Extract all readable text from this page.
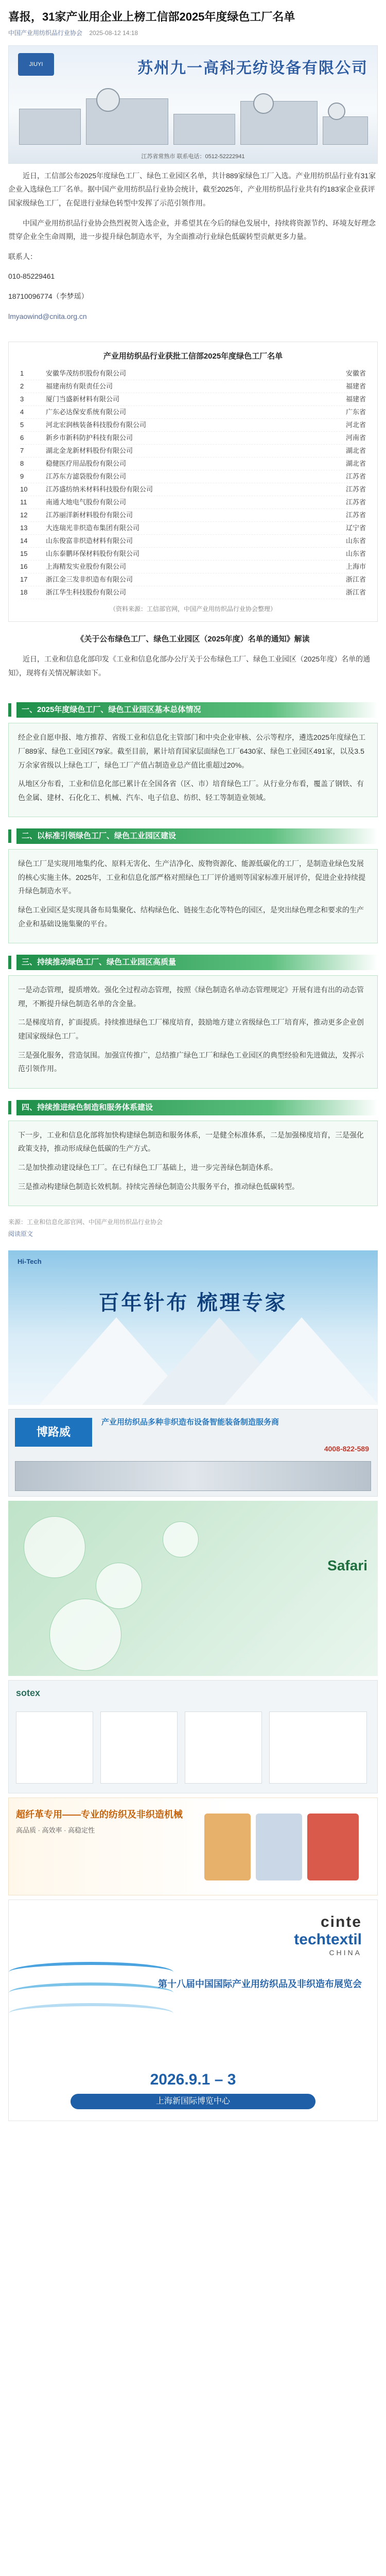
喜报，31家产业用企业上榜工信部2025年度绿色工厂名单
中国产业用纺织品行业协会 2025-08-12 14:18
JIUYI	苏州九一高科无纺设备有限公司
江苏省常熟市 联系电话：0512-52222941

近日，工信部公布2025年度绿色工厂、绿色工业园区名单，共计889家绿色工厂入选。产业用纺织品行业有31家企业入选绿色工厂名单。据中国产业用纺织品行业协会统计，截至2025年，产业用纺织品行业共有约183家企业获评国家级绿色工厂，在促进行业绿色转型中发挥了示范引领作用。

中国产业用纺织品行业协会热烈祝贺入选企业，并希望其在今后的绿色发展中，持续将资源节约、环境友好理念贯穿企业全生命周期，进一步提升绿色制造水平，为全面推动行业绿色低碳转型贡献更多力量。

联系人：

010-85229461

18710096774（李梦瑶）

lmyaowind@cnita.org.cn

产业用纺织品行业获批工信部2025年度绿色工厂名单
1	安徽华茂纺织股份有限公司	安徽省
2	福建南纺有限责任公司	福建省
3	厦门当盛新材料有限公司	福建省
4	广东必达保安系统有限公司	广东省
5	河北宏润核装备科技股份有限公司	河北省
6	新乡市新科防护科技有限公司	河南省
7	湖北金龙新材料股份有限公司	湖北省
8	稳健医疗用品股份有限公司	湖北省
9	江苏东方滤袋股份有限公司	江苏省
10	江苏盛纺纳米材料科技股份有限公司	江苏省
11	南通大地电气股份有限公司	江苏省
12	江苏丽洋新材料股份有限公司	江苏省
13	大连瑞光非织造布集团有限公司	辽宁省
14	山东俊富非织造材料有限公司	山东省
15	山东泰鹏环保材料股份有限公司	山东省
16	上海精发实业股份有限公司	上海市
17	浙江金三发非织造布有限公司	浙江省
18	浙江华生科技股份有限公司	浙江省
（资料来源：工信部官网，中国产业用纺织品行业协会整理）
《关于公布绿色工厂、绿色工业园区（2025年度）名单的通知》解读

近日，工业和信息化部印发《工业和信息化部办公厅关于公布绿色工厂、绿色工业园区（2025年度）名单的通知》，现将有关情况解读如下。

一、2025年度绿色工厂、绿色工业园区基本总体情况

经企业自愿申报、地方推荐、省级工业和信息化主管部门和中央企业审核、公示等程序，遴选2025年度绿色工厂889家、绿色工业园区79家。截至目前，累计培育国家层面绿色工厂6430家、绿色工业园区491家，以及3.5万余家省级以上绿色工厂，绿色工厂产值占制造业总产值比重超过20%。

从地区分布看，工业和信息化部已累计在全国各省（区、市）培育绿色工厂。从行业分布看，覆盖了钢铁、有色金属、建材、石化化工、机械、汽车、电子信息、纺织、轻工等制造业领域。

二、以标准引领绿色工厂、绿色工业园区建设

绿色工厂是实现用地集约化、原料无害化、生产洁净化、废物资源化、能源低碳化的工厂，是制造业绿色发展的核心实施主体。2025年，工业和信息化部严格对照绿色工厂评价通则等国家标准开展评价，促进企业持续提升绿色制造水平。

绿色工业园区是实现具备布局集聚化、结构绿色化、链接生态化等特色的园区，是突出绿色理念和要求的生产企业和基础设施集聚的平台。

三、持续推动绿色工厂、绿色工业园区高质量

一是动态管理，提质增效。强化全过程动态管理，按照《绿色制造名单动态管理规定》开展有进有出的动态管理，不断提升绿色制造名单的含金量。

二是梯度培育，扩面提质。持续推进绿色工厂梯度培育，鼓励地方建立省级绿色工厂培育库，推动更多企业创建国家级绿色工厂。

三是强化服务，营造氛围。加强宣传推广，总结推广绿色工厂和绿色工业园区的典型经验和先进做法，发挥示范引领作用。

四、持续推进绿色制造和服务体系建设

下一步，工业和信息化部将加快构建绿色制造和服务体系，一是健全标准体系，二是加强梯度培育，三是强化政策支持，推动形成绿色低碳的生产方式。

二是加快推动建设绿色工厂。在已有绿色工厂基础上，进一步完善绿色制造体系。

三是推动构建绿色制造长效机制。持续完善绿色制造公共服务平台，推动绿色低碳转型。

来源：工业和信息化部官网、中国产业用纺织品行业协会
阅读原文
Hi-Tech
百年针布 梳理专家
博路威
产业用纺织品多种非织造布设备智能装备制造服务商
4008-822-589
Safari
sotex
超纤革专用——专业的纺织及非织造机械
高品质 · 高效率 · 高稳定性
cinte
techtextil
CHINA
第十八届中国国际产业用纺织品及非织造布展览会
2026.9.1 – 3
上海新国际博览中心
